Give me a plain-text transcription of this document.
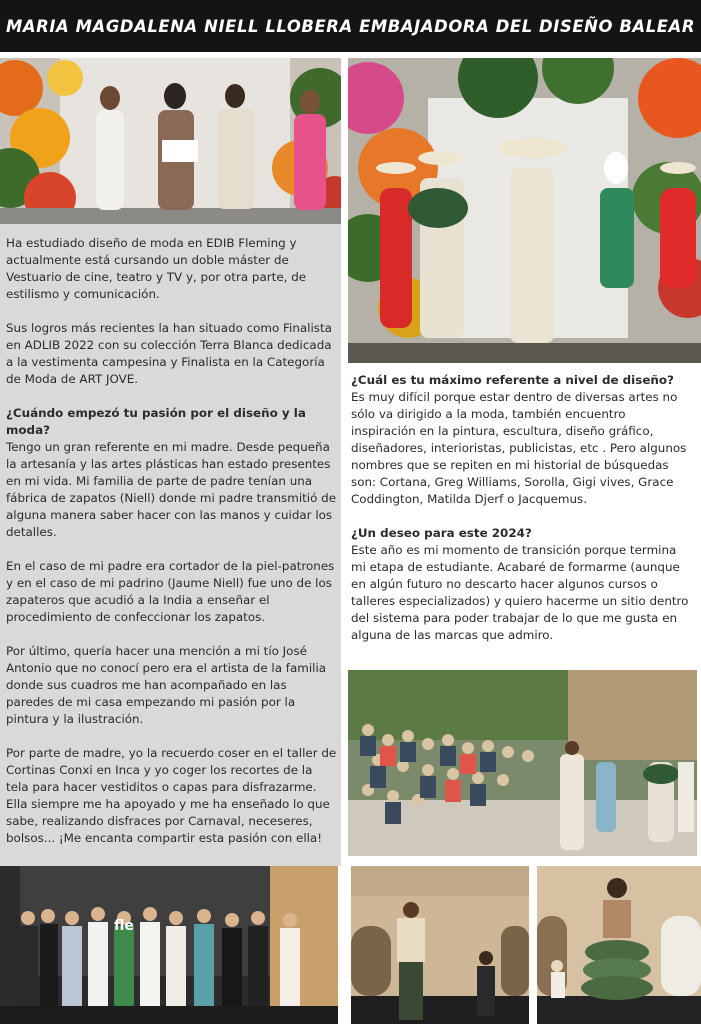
MARIA MAGDALENA NIELL LLOBERA EMBAJADORA DEL DISEÑO BALEAR

Ha estudiado diseño de moda en EDIB Fleming y actualmente está cursando un doble máster de Vestuario de cine, teatro y TV y, por otra parte, de estilismo y comunicación.

Sus logros más recientes la han situado como Finalista en ADLIB 2022 con su colección Terra Blanca dedicada a la vestimenta campesina y Finalista en la Categoría de Moda de ART JOVE.

¿Cuándo empezó tu pasión por el diseño y la moda?
Tengo un gran referente en mi madre. Desde pequeña la artesanía y las artes plásticas han estado presentes en mi vida. Mi familia de parte de padre tenían una fábrica de zapatos (Niell) donde mi padre transmitió de alguna manera saber hacer con las manos y cuidar los detalles.

En el caso de mi padre era cortador de la piel-patrones y en el caso de mi padrino (Jaume Niell) fue uno de los zapateros que acudió a la India a enseñar el procedimiento de confeccionar los zapatos.

Por último, quería hacer una mención a mi tío José Antonio que no conocí pero era el artista de la familia donde sus cuadros me han acompañado en las paredes de mi casa empezando mi pasión por la pintura y la ilustración.

Por parte de madre, yo la recuerdo coser en el taller de Cortinas Conxi en Inca y yo coger los recortes de la tela para hacer vestiditos o capas para disfrazarme. Ella siempre me ha apoyado y me ha enseñado lo que sabe, realizando disfraces por Carnaval, neceseres, bolsos... ¡Me encanta compartir esta pasión con ella!

¿Cuál es tu máximo referente a nivel de diseño?
Es muy difícil porque estar dentro de diversas artes no sólo va dirigido a la moda, también encuentro inspiración en la pintura, escultura, diseño gráfico, diseñadores, interioristas, publicistas, etc . Pero algunos nombres que se repiten en mi historial de búsquedas son: Cortana, Greg Williams, Sorolla, Gigi vives, Grace Coddington, Matilda Djerf o Jacquemus.
¿Un deseo para este 2024?
Este año es mi momento de transición porque termina mi etapa de estudiante. Acabaré de formarme (aunque en algún futuro no descarto hacer algunos cursos o talleres especializados) y quiero hacerme un sitio dentro del sistema para poder trabajar de lo que me gusta en alguna de las marcas que admiro.
fle
